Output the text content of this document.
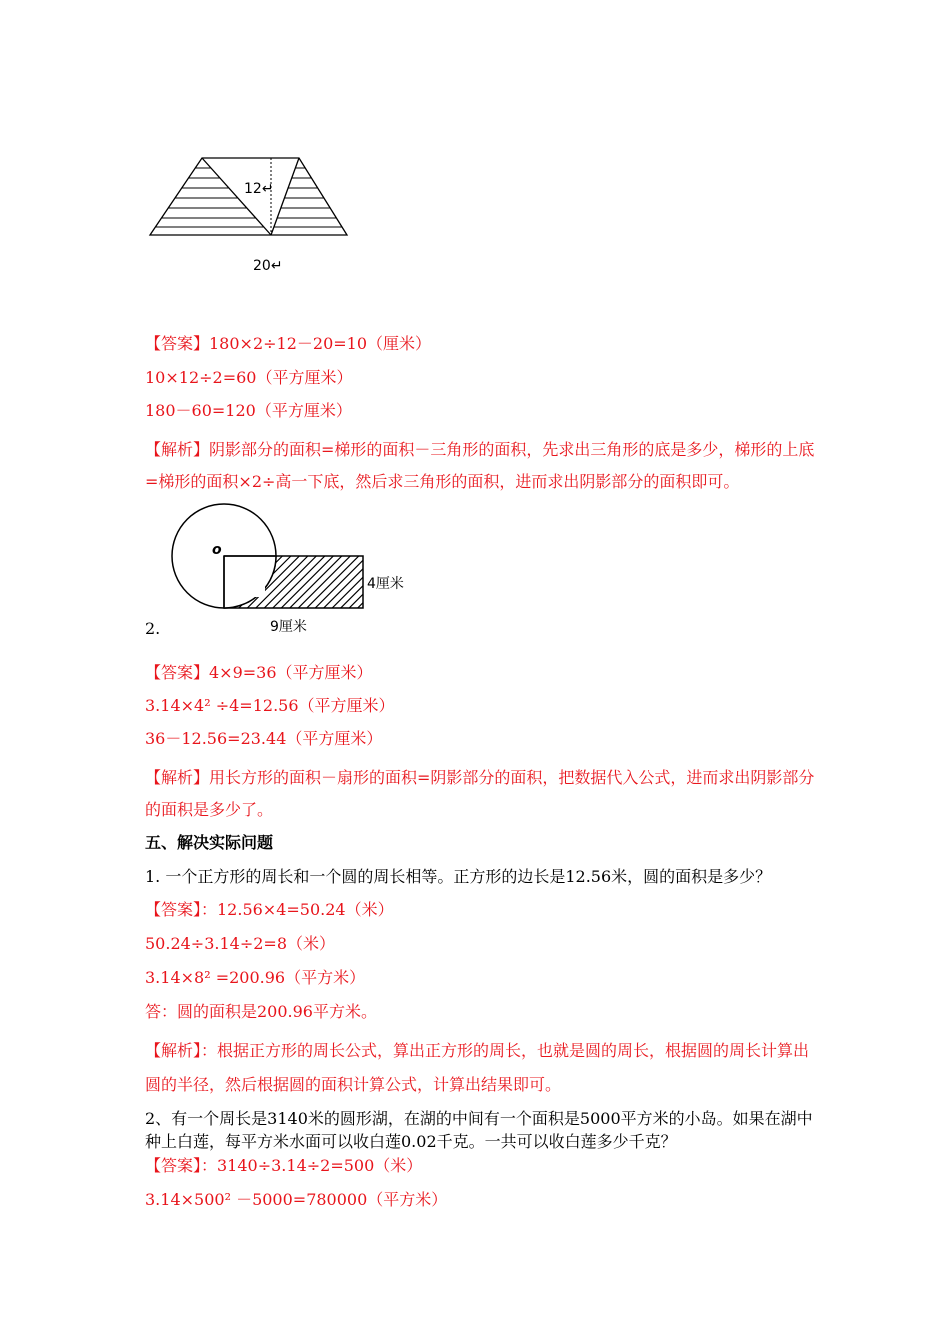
12↵
20↵
【答案】180×2÷12－20=10（厘米）
10×12÷2=60（平方厘米）
180－60=120（平方厘米）
【解析】阴影部分的面积=梯形的面积－三角形的面积，先求出三角形的底是多少，梯形的上底=梯形的面积×2÷高一下底，然后求三角形的面积，进而求出阴影部分的面积即可。
o
4厘米
9厘米
2.
【答案】4×9=36（平方厘米）
3.14×4² ÷4=12.56（平方厘米）
36－12.56=23.44（平方厘米）
【解析】用长方形的面积－扇形的面积=阴影部分的面积，把数据代入公式，进而求出阴影部分的面积是多少了。
五、解决实际问题
1. 一个正方形的周长和一个圆的周长相等。正方形的边长是12.56米，圆的面积是多少？
【答案】：12.56×4=50.24（米）
50.24÷3.14÷2=8（米）
3.14×8² =200.96（平方米）
答：圆的面积是200.96平方米。
【解析】：根据正方形的周长公式，算出正方形的周长，也就是圆的周长，根据圆的周长计算出圆的半径，然后根据圆的面积计算公式，计算出结果即可。
2、有一个周长是3140米的圆形湖，在湖的中间有一个面积是5000平方米的小岛。如果在湖中种上白莲，每平方米水面可以收白莲0.02千克。一共可以收白莲多少千克？
【答案】：3140÷3.14÷2=500（米）
3.14×500² －5000=780000（平方米）
